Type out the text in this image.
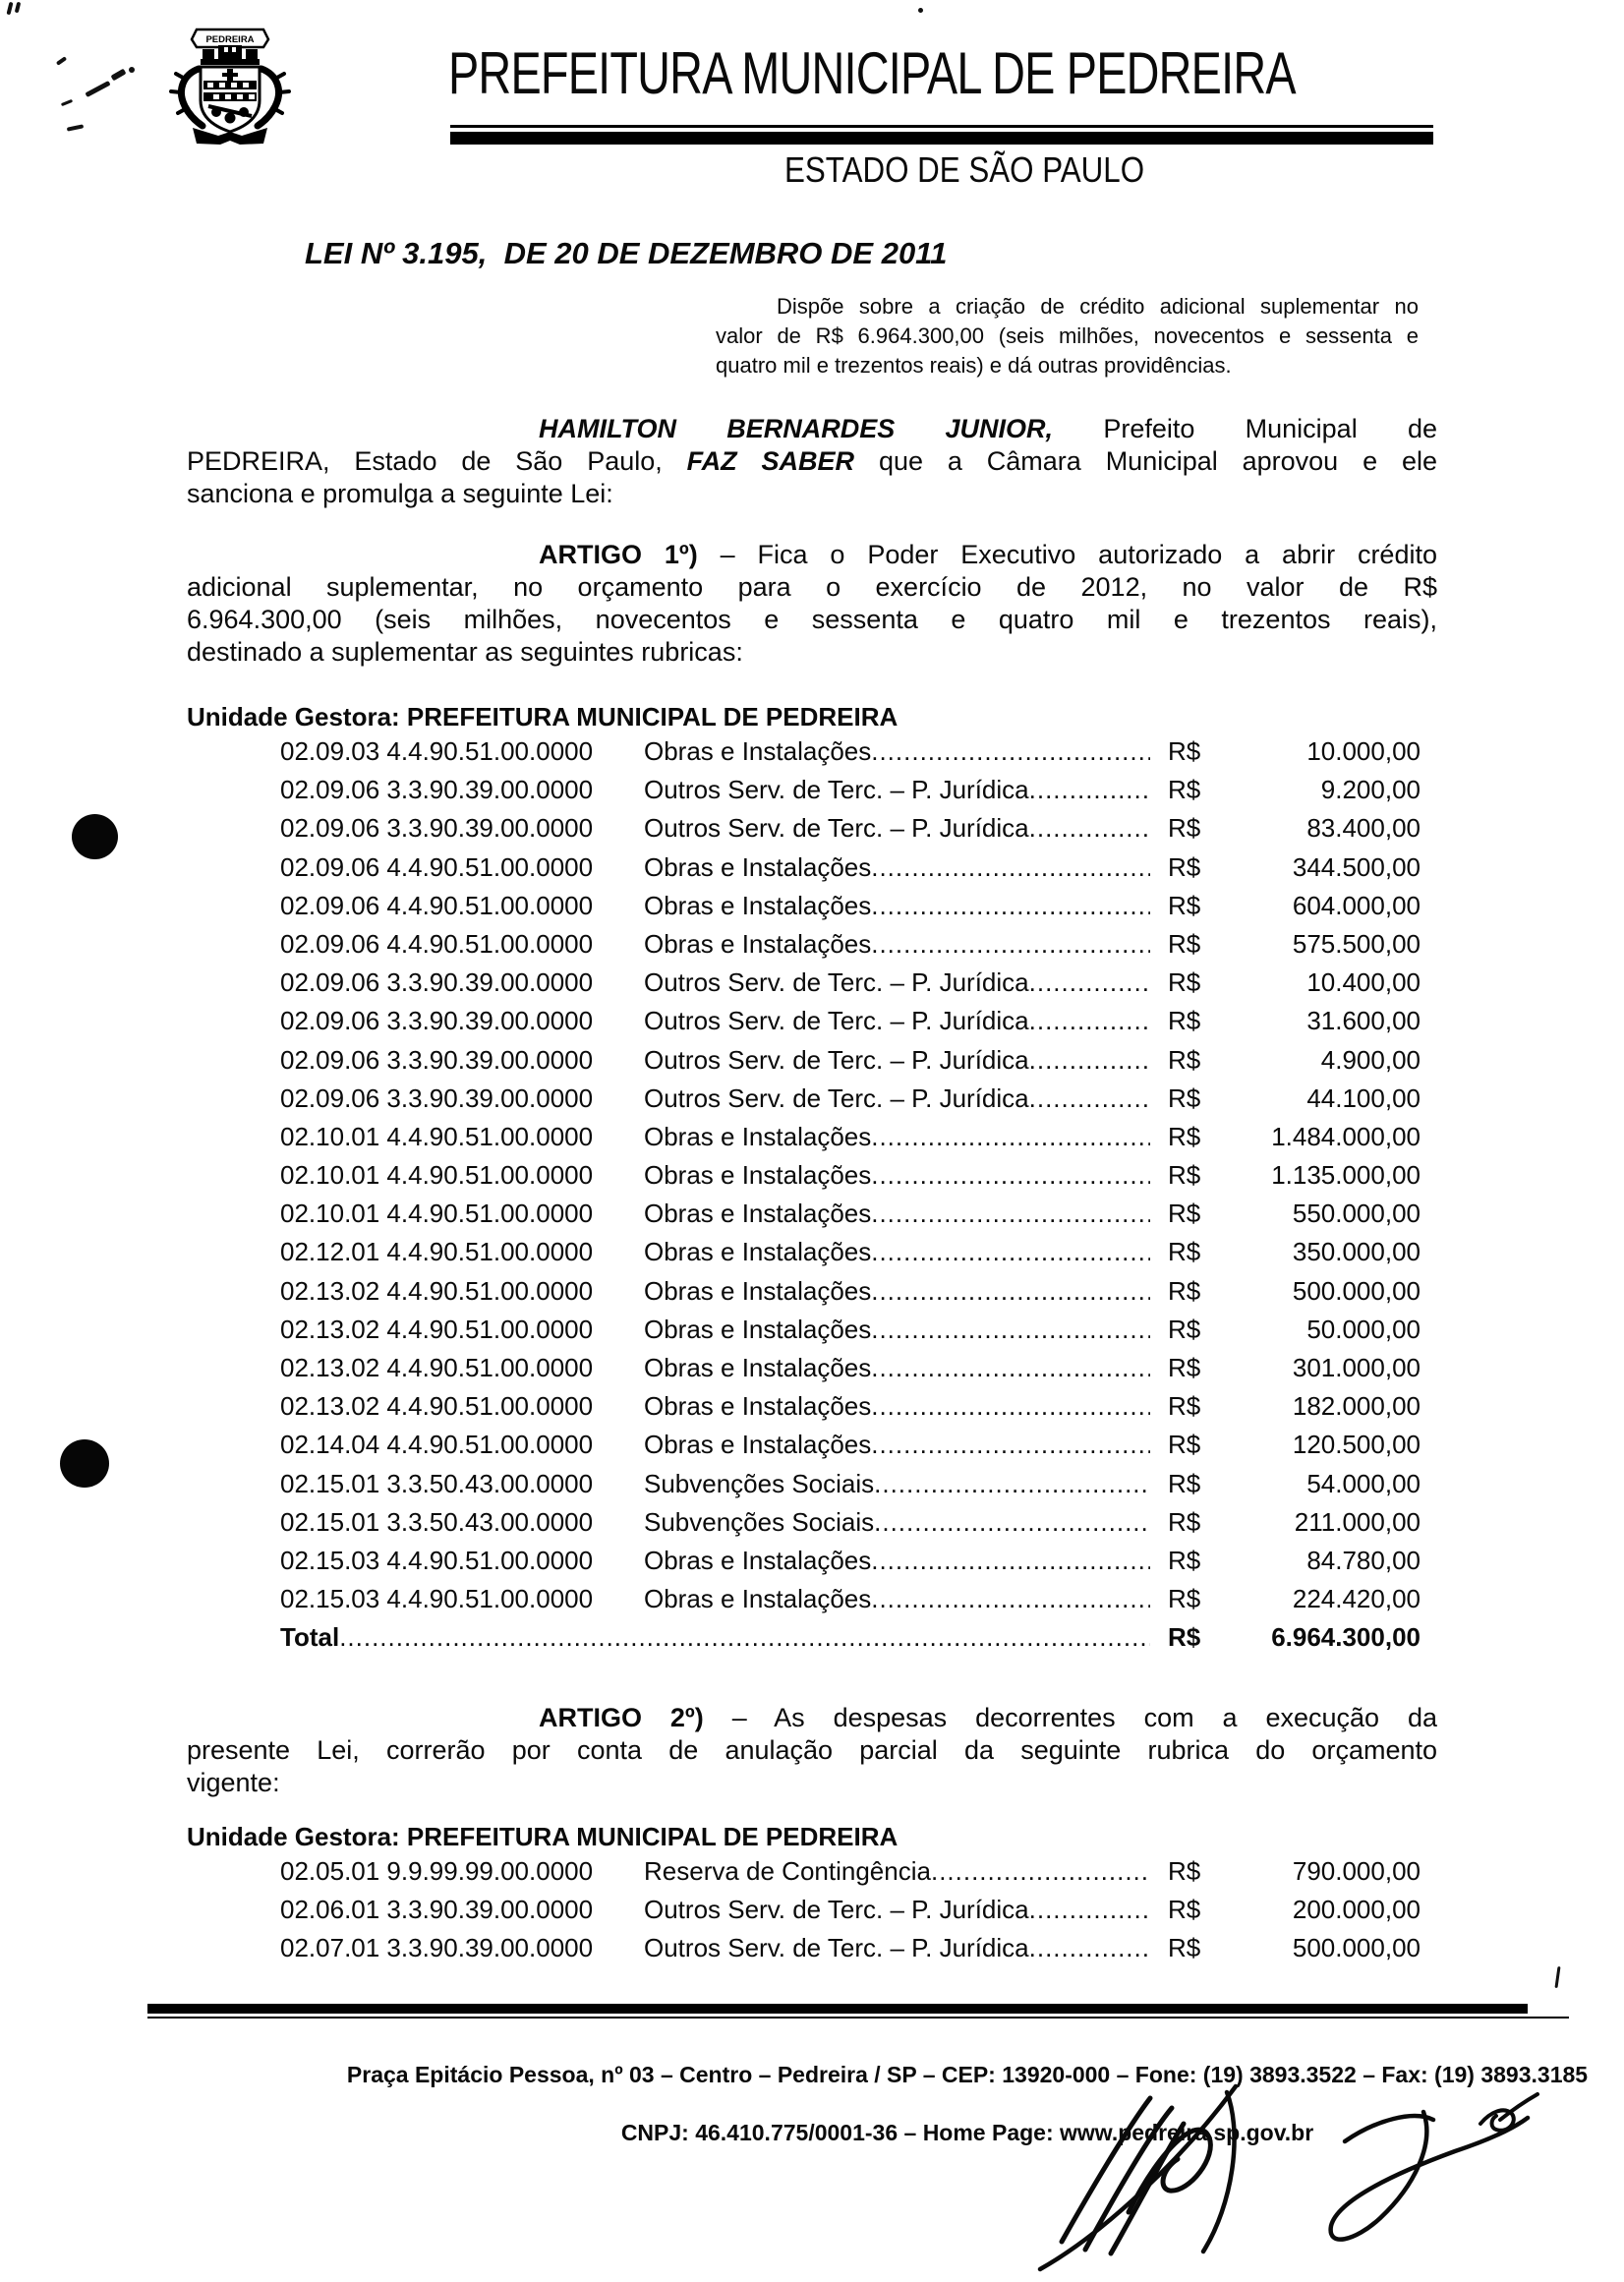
PEDREIRA
PREFEITURA MUNICIPAL DE PEDREIRA
ESTADO DE SÃO PAULO
LEI Nº 3.195,  DE 20 DE DEZEMBRO DE 2011
Dispõe sobre a criação de crédito adicional suplementar no
valor de R$ 6.964.300,00 (seis milhões, novecentos e sessenta e
quatro mil e trezentos reais) e dá outras providências.
HAMILTON BERNARDES JUNIOR, Prefeito Municipal de
PEDREIRA, Estado de São Paulo, FAZ SABER que a Câmara Municipal aprovou e ele
sanciona e promulga a seguinte Lei:
ARTIGO 1º) – Fica o Poder Executivo autorizado a abrir crédito
adicional suplementar, no orçamento para o exercício de 2012, no valor de R$
6.964.300,00 (seis milhões, novecentos e sessenta e quatro mil e trezentos reais),
destinado a suplementar as seguintes rubricas:
Unidade Gestora: PREFEITURA MUNICIPAL DE PEDREIRA
02.09.03 4.4.90.51.00.0000	Obras e Instalações .....	R$	10.000,00
02.09.06 3.3.90.39.00.0000	Outros Serv. de Terc. – P. Jurídica .....	R$	9.200,00
02.09.06 3.3.90.39.00.0000	Outros Serv. de Terc. – P. Jurídica .....	R$	83.400,00
02.09.06 4.4.90.51.00.0000	Obras e Instalações .....	R$	344.500,00
02.09.06 4.4.90.51.00.0000	Obras e Instalações .....	R$	604.000,00
02.09.06 4.4.90.51.00.0000	Obras e Instalações .....	R$	575.500,00
02.09.06 3.3.90.39.00.0000	Outros Serv. de Terc. – P. Jurídica .....	R$	10.400,00
02.09.06 3.3.90.39.00.0000	Outros Serv. de Terc. – P. Jurídica .....	R$	31.600,00
02.09.06 3.3.90.39.00.0000	Outros Serv. de Terc. – P. Jurídica .....	R$	4.900,00
02.09.06 3.3.90.39.00.0000	Outros Serv. de Terc. – P. Jurídica .....	R$	44.100,00
02.10.01 4.4.90.51.00.0000	Obras e Instalações .....	R$	1.484.000,00
02.10.01 4.4.90.51.00.0000	Obras e Instalações .....	R$	1.135.000,00
02.10.01 4.4.90.51.00.0000	Obras e Instalações .....	R$	550.000,00
02.12.01 4.4.90.51.00.0000	Obras e Instalações .....	R$	350.000,00
02.13.02 4.4.90.51.00.0000	Obras e Instalações .....	R$	500.000,00
02.13.02 4.4.90.51.00.0000	Obras e Instalações .....	R$	50.000,00
02.13.02 4.4.90.51.00.0000	Obras e Instalações .....	R$	301.000,00
02.13.02 4.4.90.51.00.0000	Obras e Instalações .....	R$	182.000,00
02.14.04 4.4.90.51.00.0000	Obras e Instalações .....	R$	120.500,00
02.15.01 3.3.50.43.00.0000	Subvenções Sociais .....	R$	54.000,00
02.15.01 3.3.50.43.00.0000	Subvenções Sociais .....	R$	211.000,00
02.15.03 4.4.90.51.00.0000	Obras e Instalações .....	R$	84.780,00
02.15.03 4.4.90.51.00.0000	Obras e Instalações .....	R$	224.420,00
Total .....	R$	6.964.300,00
ARTIGO 2º) – As despesas decorrentes com a execução da
presente Lei, correrão por conta de anulação parcial da seguinte rubrica do orçamento
vigente:
Unidade Gestora: PREFEITURA MUNICIPAL DE PEDREIRA
02.05.01 9.9.99.99.00.0000	Reserva de Contingência .....	R$	790.000,00
02.06.01 3.3.90.39.00.0000	Outros Serv. de Terc. – P. Jurídica .....	R$	200.000,00
02.07.01 3.3.90.39.00.0000	Outros Serv. de Terc. – P. Jurídica .....	R$	500.000,00
Praça Epitácio Pessoa, nº 03 – Centro – Pedreira / SP – CEP: 13920-000 – Fone: (19) 3893.3522 – Fax: (19) 3893.3185
CNPJ: 46.410.775/0001-36 – Home Page: www.pedreira.sp.gov.br
